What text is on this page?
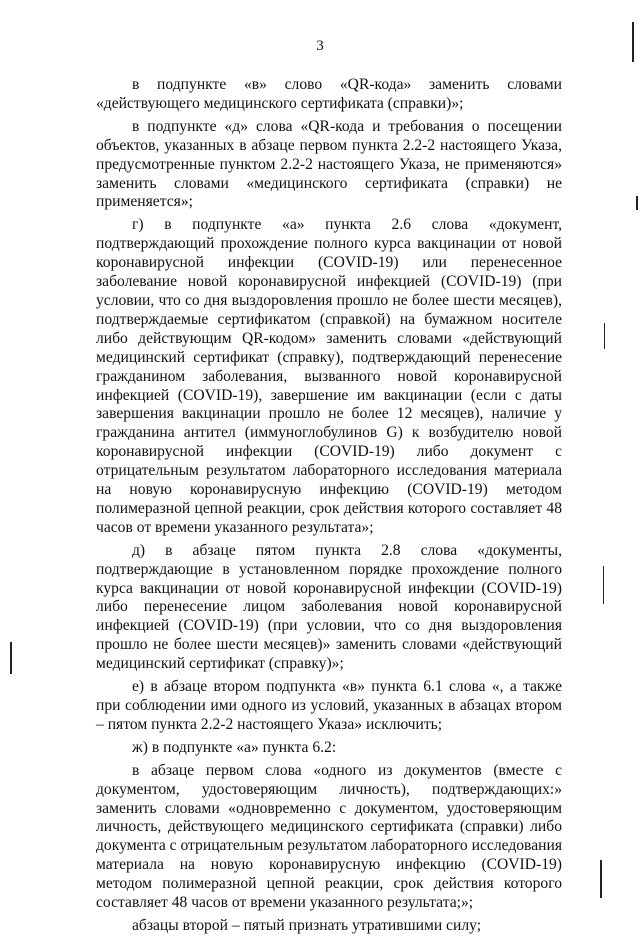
3

в подпункте «в» слово «QR-кода» заменить словами «действующего медицинского сертификата (справки)»;

в подпункте «д» слова «QR-кода и требования о посещении объектов, указанных в абзаце первом пункта 2.2-2 настоящего Указа, предусмотренные пунктом 2.2-2 настоящего Указа, не применяются» заменить словами «медицинского сертификата (справки) не применяется»;

г) в подпункте «а» пункта 2.6 слова «документ, подтверждающий прохождение полного курса вакцинации от новой коронавирусной инфекции (COVID-19) или перенесенное заболевание новой коронавирусной инфекцией (COVID-19) (при условии, что со дня выздоровления прошло не более шести месяцев), подтверждаемые сертификатом (справкой) на бумажном носителе либо действующим QR-кодом» заменить словами «действующий медицинский сертификат (справку), подтверждающий перенесение гражданином заболевания, вызванного новой коронавирусной инфекцией (COVID-19), завершение им вакцинации (если с даты завершения вакцинации прошло не более 12 месяцев), наличие у гражданина антител (иммуноглобулинов G) к возбудителю новой коронавирусной инфекции (COVID-19) либо документ с отрицательным результатом лабораторного исследования материала на новую коронавирусную инфекцию (COVID-19) методом полимеразной цепной реакции, срок действия которого составляет 48 часов от времени указанного результата»;

д) в абзаце пятом пункта 2.8 слова «документы, подтверждающие в установленном порядке прохождение полного курса вакцинации от новой коронавирусной инфекции (COVID-19) либо перенесение лицом заболевания новой коронавирусной инфекцией (COVID-19) (при условии, что со дня выздоровления прошло не более шести месяцев)» заменить словами «действующий медицинский сертификат (справку)»;

е) в абзаце втором подпункта «в» пункта 6.1 слова «, а также при соблюдении ими одного из условий, указанных в абзацах втором – пятом пункта 2.2-2 настоящего Указа» исключить;

ж) в подпункте «а» пункта 6.2:

в абзаце первом слова «одного из документов (вместе с документом, удостоверяющим личность), подтверждающих:» заменить словами «одновременно с документом, удостоверяющим личность, действующего медицинского сертификата (справки) либо документа с отрицательным результатом лабораторного исследования материала на новую коронавирусную инфекцию (COVID-19) методом полимеразной цепной реакции, срок действия которого составляет 48 часов от времени указанного результата;»;

абзацы второй – пятый признать утратившими силу;
